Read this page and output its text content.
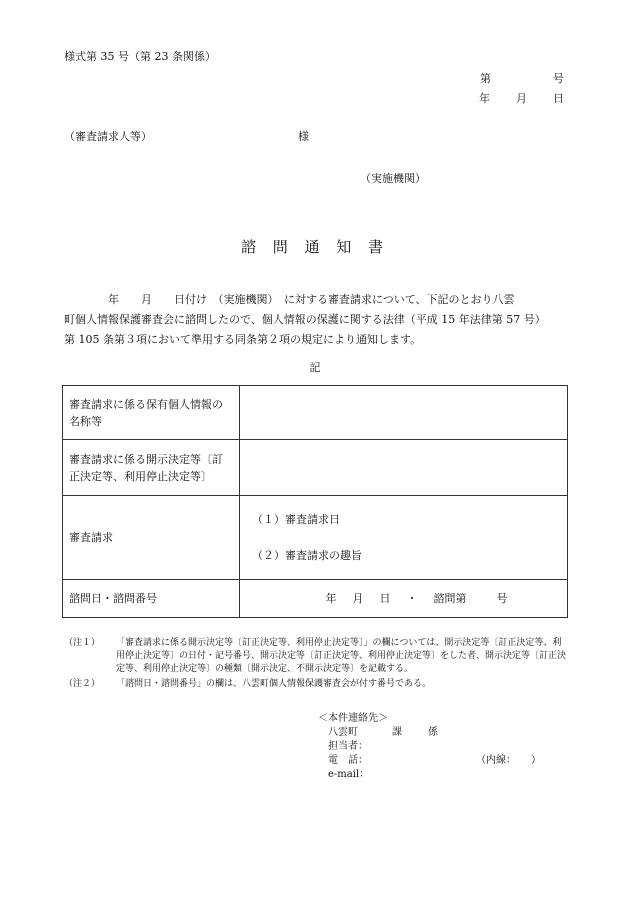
様式第 35 号（第 23 条関係）
第	号
年 月 日
（審査請求人等）	様
（実施機関）
諮 問 通 知 書
　　　　年　　月　　日付け　（実施機関）　に対する審査請求について、下記のとおり八雲
町個人情報保護審査会に諮問したので、個人情報の保護に関する法律（平成 15 年法律第 57 号）
第 105 条第３項において準用する同条第２項の規定により通知します。
記
審査請求に係る保有個人情報の名称等	
審査請求に係る開示決定等〔訂正決定等、利用停止決定等〕	
審査請求	（１）審査請求日
（２）審査請求の趣旨

諮問日・諮問番号	年 月 日 ・ 諮問第 号
（注１） 「審査請求に係る開示決定等〔訂正決定等、利用停止決定等〕」の欄については、開示決定等〔訂正決定等、利用停止決定等〕の日付・記号番号、開示決定等〔訂正決定等、利用停止決定等〕をした者、開示決定等〔訂正決定等、利用停止決定等〕の種類〔開示決定、不開示決定等〕を記載する。
（注２） 「諮問日・諮問番号」の欄は、八雲町個人情報保護審査会が付す番号である。
＜本件連絡先＞
八雲町	課	係
担当者：
電　話：	（内線：　　）
e-mail：
